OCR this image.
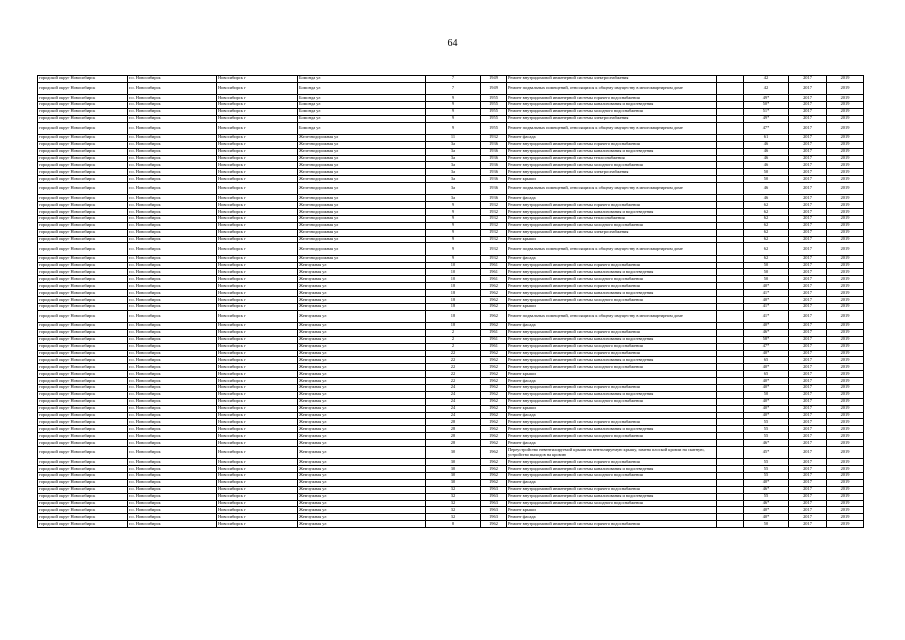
64
городской округ Новосибирск	г.о. Новосибирск	Новосибирск г	Бомонда ул	7	1949	Ремонт внутридомовой инженерной системы электроснабжения		42	2017	2019
городской округ Новосибирск	г.о. Новосибирск	Новосибирск г	Бомонда ул	7	1949	Ремонт подвальных помещений, относящихся к общему имуществу в многоквартирном доме		42	2017	2019
городской округ Новосибирск	г.о. Новосибирск	Новосибирск г	Бомонда ул	9	1955	Ремонт внутридомовой инженерной системы горячего водоснабжения		49*	2017	2019
городской округ Новосибирск	г.о. Новосибирск	Новосибирск г	Бомонда ул	9	1955	Ремонт внутридомовой инженерной системы канализования и водоотведения		50*	2017	2019
городской округ Новосибирск	г.о. Новосибирск	Новосибирск г	Бомонда ул	9	1955	Ремонт внутридомовой инженерной системы холодного водоснабжения		51*	2017	2019
городской округ Новосибирск	г.о. Новосибирск	Новосибирск г	Бомонда ул	9	1955	Ремонт внутридомовой инженерной системы электроснабжения		49*	2017	2019
городской округ Новосибирск	г.о. Новосибирск	Новосибирск г	Бомонда ул	9	1955	Ремонт подвальных помещений, относящихся к общему имуществу в многоквартирном доме		47*	2017	2019
городской округ Новосибирск	г.о. Новосибирск	Новосибирск г	Железнодорожная ул	11	1932	Ремонт фасада		61	2017	2019
городской округ Новосибирск	г.о. Новосибирск	Новосибирск г	Железнодорожная ул	3а	1936	Ремонт внутридомовой инженерной системы горячего водоснабжения		46	2017	2019
городской округ Новосибирск	г.о. Новосибирск	Новосибирск г	Железнодорожная ул	3а	1936	Ремонт внутридомовой инженерной системы канализования и водоотведения		46	2017	2019
городской округ Новосибирск	г.о. Новосибирск	Новосибирск г	Железнодорожная ул	3а	1936	Ремонт внутридомовой инженерной системы теплоснабжения		46	2017	2019
городской округ Новосибирск	г.о. Новосибирск	Новосибирск г	Железнодорожная ул	3а	1936	Ремонт внутридомовой инженерной системы холодного водоснабжения		46	2017	2019
городской округ Новосибирск	г.о. Новосибирск	Новосибирск г	Железнодорожная ул	3а	1936	Ремонт внутридомовой инженерной системы электроснабжения		50	2017	2019
городской округ Новосибирск	г.о. Новосибирск	Новосибирск г	Железнодорожная ул	3а	1936	Ремонт крыши		50	2017	2019
городской округ Новосибирск	г.о. Новосибирск	Новосибирск г	Железнодорожная ул	3а	1936	Ремонт подвальных помещений, относящихся к общему имуществу в многоквартирном доме		46	2017	2019
городской округ Новосибирск	г.о. Новосибирск	Новосибирск г	Железнодорожная ул	3а	1936	Ремонт фасада		46	2017	2019
городской округ Новосибирск	г.о. Новосибирск	Новосибирск г	Железнодорожная ул	9	1932	Ремонт внутридомовой инженерной системы горячего водоснабжения		62	2017	2019
городской округ Новосибирск	г.о. Новосибирск	Новосибирск г	Железнодорожная ул	9	1932	Ремонт внутридомовой инженерной системы канализования и водоотведения		62	2017	2019
городской округ Новосибирск	г.о. Новосибирск	Новосибирск г	Железнодорожная ул	9	1932	Ремонт внутридомовой инженерной системы теплоснабжения		62	2017	2019
городской округ Новосибирск	г.о. Новосибирск	Новосибирск г	Железнодорожная ул	9	1932	Ремонт внутридомовой инженерной системы холодного водоснабжения		62	2017	2019
городской округ Новосибирск	г.о. Новосибирск	Новосибирск г	Железнодорожная ул	9	1932	Ремонт внутридомовой инженерной системы электроснабжения		62	2017	2019
городской округ Новосибирск	г.о. Новосибирск	Новосибирск г	Железнодорожная ул	9	1932	Ремонт крыши		62	2017	2019
городской округ Новосибирск	г.о. Новосибирск	Новосибирск г	Железнодорожная ул	9	1932	Ремонт подвальных помещений, относящихся к общему имуществу в многоквартирном доме		62	2017	2019
городской округ Новосибирск	г.о. Новосибирск	Новосибирск г	Железнодорожная ул	9	1932	Ремонт фасада		62	2017	2019
городской округ Новосибирск	г.о. Новосибирск	Новосибирск г	Жемчужная ул	10	1961	Ремонт внутридомовой инженерной системы горячего водоснабжения		50	2017	2019
городской округ Новосибирск	г.о. Новосибирск	Новосибирск г	Жемчужная ул	10	1961	Ремонт внутридомовой инженерной системы канализования и водоотведения		50	2017	2019
городской округ Новосибирск	г.о. Новосибирск	Новосибирск г	Жемчужная ул	10	1961	Ремонт внутридомовой инженерной системы холодного водоснабжения		50	2017	2019
городской округ Новосибирск	г.о. Новосибирск	Новосибирск г	Жемчужная ул	18	1962	Ремонт внутридомовой инженерной системы горячего водоснабжения		40*	2017	2019
городской округ Новосибирск	г.о. Новосибирск	Новосибирск г	Жемчужная ул	18	1962	Ремонт внутридомовой инженерной системы канализования и водоотведения		41*	2017	2019
городской округ Новосибирск	г.о. Новосибирск	Новосибирск г	Жемчужная ул	18	1962	Ремонт внутридомовой инженерной системы холодного водоснабжения		40*	2017	2019
городской округ Новосибирск	г.о. Новосибирск	Новосибирск г	Жемчужная ул	18	1962	Ремонт крыши		41*	2017	2019
городской округ Новосибирск	г.о. Новосибирск	Новосибирск г	Жемчужная ул	18	1962	Ремонт подвальных помещений, относящихся к общему имуществу в многоквартирном доме		41*	2017	2019
городской округ Новосибирск	г.о. Новосибирск	Новосибирск г	Жемчужная ул	18	1962	Ремонт фасада		40*	2017	2019
городской округ Новосибирск	г.о. Новосибирск	Новосибирск г	Жемчужная ул	2	1961	Ремонт внутридомовой инженерной системы горячего водоснабжения		46*	2017	2019
городской округ Новосибирск	г.о. Новосибирск	Новосибирск г	Жемчужная ул	2	1961	Ремонт внутридомовой инженерной системы канализования и водоотведения		58*	2017	2019
городской округ Новосибирск	г.о. Новосибирск	Новосибирск г	Жемчужная ул	2	1961	Ремонт внутридомовой инженерной системы холодного водоснабжения		47*	2017	2019
городской округ Новосибирск	г.о. Новосибирск	Новосибирск г	Жемчужная ул	22	1962	Ремонт внутридомовой инженерной системы горячего водоснабжения		40*	2017	2019
городской округ Новосибирск	г.о. Новосибирск	Новосибирск г	Жемчужная ул	22	1962	Ремонт внутридомовой инженерной системы канализования и водоотведения		65	2017	2019
городской округ Новосибирск	г.о. Новосибирск	Новосибирск г	Жемчужная ул	22	1962	Ремонт внутридомовой инженерной системы холодного водоснабжения		40*	2017	2019
городской округ Новосибирск	г.о. Новосибирск	Новосибирск г	Жемчужная ул	22	1962	Ремонт крыши		65	2017	2019
городской округ Новосибирск	г.о. Новосибирск	Новосибирск г	Жемчужная ул	22	1962	Ремонт фасада		40*	2017	2019
городской округ Новосибирск	г.о. Новосибирск	Новосибирск г	Жемчужная ул	24	1962	Ремонт внутридомовой инженерной системы горячего водоснабжения		40*	2017	2019
городской округ Новосибирск	г.о. Новосибирск	Новосибирск г	Жемчужная ул	24	1962	Ремонт внутридомовой инженерной системы канализования и водоотведения		50	2017	2019
городской округ Новосибирск	г.о. Новосибирск	Новосибирск г	Жемчужная ул	24	1962	Ремонт внутридомовой инженерной системы холодного водоснабжения		40*	2017	2019
городской округ Новосибирск	г.о. Новосибирск	Новосибирск г	Жемчужная ул	24	1962	Ремонт крыши		40*	2017	2019
городской округ Новосибирск	г.о. Новосибирск	Новосибирск г	Жемчужная ул	24	1962	Ремонт фасада		40*	2017	2019
городской округ Новосибирск	г.о. Новосибирск	Новосибирск г	Жемчужная ул	28	1962	Ремонт внутридомовой инженерной системы горячего водоснабжения		55	2017	2019
городской округ Новосибирск	г.о. Новосибирск	Новосибирск г	Жемчужная ул	28	1962	Ремонт внутридомовой инженерной системы канализования и водоотведения		55	2017	2019
городской округ Новосибирск	г.о. Новосибирск	Новосибирск г	Жемчужная ул	28	1962	Ремонт внутридомовой инженерной системы холодного водоснабжения		55	2017	2019
городской округ Новосибирск	г.о. Новосибирск	Новосибирск г	Жемчужная ул	28	1962	Ремонт фасада		46*	2017	2019
городской округ Новосибирск	г.о. Новосибирск	Новосибирск г	Жемчужная ул	30	1962	Переустройство невентилируемой крыши на вентилируемую крышу, замена плоской кровли на скатную, устройство выходов на кровлю		45*	2017	2019
городской округ Новосибирск	г.о. Новосибирск	Новосибирск г	Жемчужная ул	30	1962	Ремонт внутридомовой инженерной системы горячего водоснабжения		55	2017	2019
городской округ Новосибирск	г.о. Новосибирск	Новосибирск г	Жемчужная ул	30	1962	Ремонт внутридомовой инженерной системы канализования и водоотведения		55	2017	2019
городской округ Новосибирск	г.о. Новосибирск	Новосибирск г	Жемчужная ул	30	1962	Ремонт внутридомовой инженерной системы холодного водоснабжения		55	2017	2019
городской округ Новосибирск	г.о. Новосибирск	Новосибирск г	Жемчужная ул	30	1962	Ремонт фасада		40*	2017	2019
городской округ Новосибирск	г.о. Новосибирск	Новосибирск г	Жемчужная ул	32	1963	Ремонт внутридомовой инженерной системы горячего водоснабжения		46*	2017	2019
городской округ Новосибирск	г.о. Новосибирск	Новосибирск г	Жемчужная ул	32	1963	Ремонт внутридомовой инженерной системы канализования и водоотведения		55	2017	2019
городской округ Новосибирск	г.о. Новосибирск	Новосибирск г	Жемчужная ул	32	1963	Ремонт внутридомовой инженерной системы холодного водоснабжения		46*	2017	2019
городской округ Новосибирск	г.о. Новосибирск	Новосибирск г	Жемчужная ул	32	1963	Ремонт крыши		40*	2017	2019
городской округ Новосибирск	г.о. Новосибирск	Новосибирск г	Жемчужная ул	32	1963	Ремонт фасада		40*	2017	2019
городской округ Новосибирск	г.о. Новосибирск	Новосибирск г	Жемчужная ул	8	1962	Ремонт внутридомовой инженерной системы горячего водоснабжения		50	2017	2019
